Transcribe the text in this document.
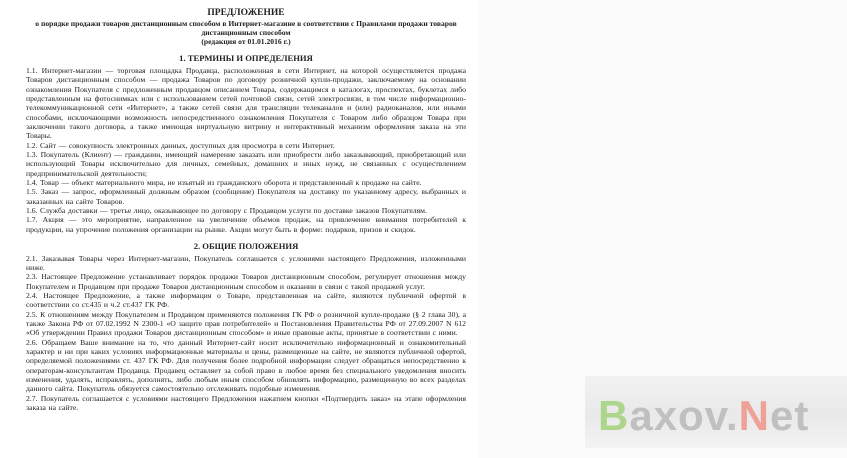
ПРЕДЛОЖЕНИЕ

о порядке продажи товаров дистанционным способом в Интернет-магазине в соответствии с Правилами продажи товаров дистанционным способом

(редакция от 01.01.2016 г.)

1. ТЕРМИНЫ И ОПРЕДЕЛЕНИЯ

1.1. Интернет-магазин — торговая площадка Продавца, расположенная в сети Интернет, на которой осуществляется продажа Товаров дистанционным способом — продажа Товаров по договору розничной купли-продажи, заключаемому на основании ознакомления Покупателя с предложенным продавцом описанием Товара, содержащимся в каталогах, проспектах, буклетах либо представленным на фотоснимках или с использованием сетей почтовой связи, сетей электросвязи, в том числе информационно-телекоммуникационной сети «Интернет», а также сетей связи для трансляции телеканалов и (или) радиоканалов, или иными способами, исключающими возможность непосредственного ознакомления Покупателя с Товаром либо образцом Товара при заключении такого договора, а также имеющая виртуальную витрину и интерактивный механизм оформления заказа на эти Товары.

1.2. Сайт — совокупность электронных данных, доступных для просмотра в сети Интернет.

1.3. Покупатель (Клиент) — гражданин, имеющий намерение заказать или приобрести либо заказывающий, приобретающий или использующий Товары исключительно для личных, семейных, домашних и иных нужд, не связанных с осуществлением предпринимательской деятельности;

1.4. Товар — объект материального мира, не изъятый из гражданского оборота и представленный к продаже на сайте.

1.5. Заказ — запрос, оформленный должным образом (сообщение) Покупателя на доставку по указанному адресу, выбранных и заказанных на сайте Товаров.

1.6. Служба доставки — третье лицо, оказывающее по договору с Продавцом услуги по доставке заказов Покупателям.

1.7. Акция — это мероприятие, направленное на увеличение объемов продаж, на привлечение внимания потребителей к продукции, на упрочение положения организации на рынке. Акции могут быть в форме: подарков, призов и скидок.

2. ОБЩИЕ ПОЛОЖЕНИЯ

2.1. Заказывая Товары через Интернет-магазин, Покупатель соглашается с условиями настоящего Предложения, изложенными ниже.

2.3. Настоящее Предложение устанавливает порядок продажи Товаров дистанционным способом, регулирует отношения между Покупателем и Продавцом при продаже Товаров дистанционным способом и оказании в связи с такой продажей услуг.

2.4. Настоящее Предложение, а также информация о Товаре, представленная на сайте, являются публичной офертой в соответствии со ст.435 и ч.2 ст.437 ГК РФ.

2.5. К отношениям между Покупателем и Продавцом применяются положения ГК РФ о розничной купле-продаже (§ 2 глава 30), а также Закона РФ от 07.02.1992 N 2300-1 «О защите прав потребителей» и Постановления Правительства РФ от 27.09.2007 N 612 «Об утверждении Правил продажи Товаров дистанционным способом» и иные правовые акты, принятые в соответствии с ними.

2.6. Обращаем Ваше внимание на то, что данный Интернет-сайт носит исключительно информационный и ознакомительный характер и ни при каких условиях информационные материалы и цены, размещенные на сайте, не являются публичной офертой, определяемой положениями ст. 437 ГК РФ. Для получения более подробной информации следует обращаться непосредственно к операторам-консультантам Продавца. Продавец оставляет за собой право в любое время без специального уведомления вносить изменения, удалять, исправлять, дополнять, либо любым иным способом обновлять информацию, размещенную во всех разделах данного сайта. Покупатель обязуется самостоятельно отслеживать подобные изменения.

2.7. Покупатель соглашается с условиями настоящего Предложения нажатием кнопки «Подтвердить заказ» на этапе оформления заказа на сайте.	Baxov.Net
